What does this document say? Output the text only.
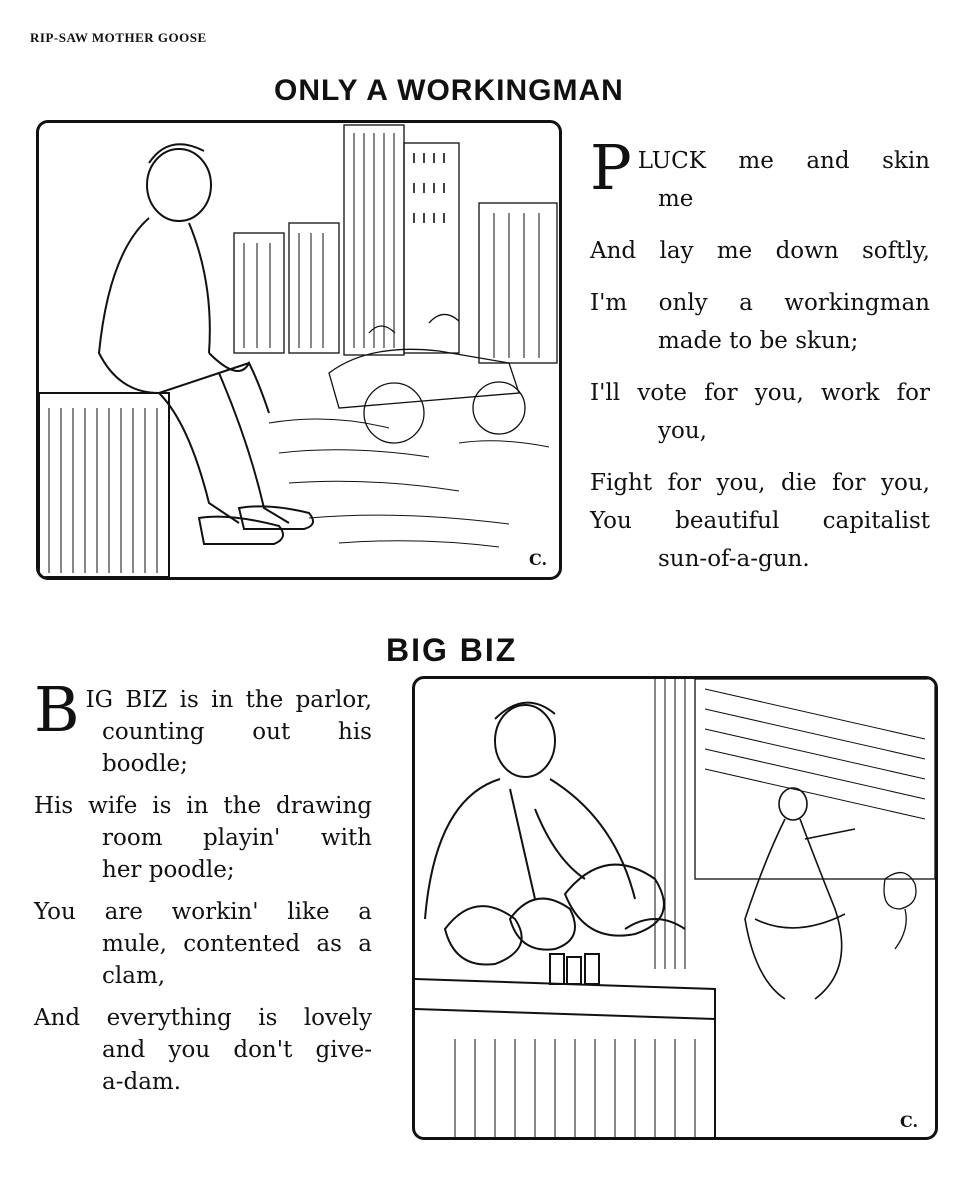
RIP-SAW MOTHER GOOSE
ONLY A WORKINGMAN
C.
P LUCK me and skin
me
And lay me down softly,
I'm only a workingman
made to be skun;
I'll vote for you, work for
you,
Fight for you, die for you,
You beautiful capitalist
sun-of-a-gun.
BIG BIZ
B IG BIZ is in the parlor,
counting out his
boodle;
His wife is in the drawing
room playin' with
her poodle;
You are workin' like a
mule, contented as a
clam,
And everything is lovely
and you don't give-
a-dam.
C.
